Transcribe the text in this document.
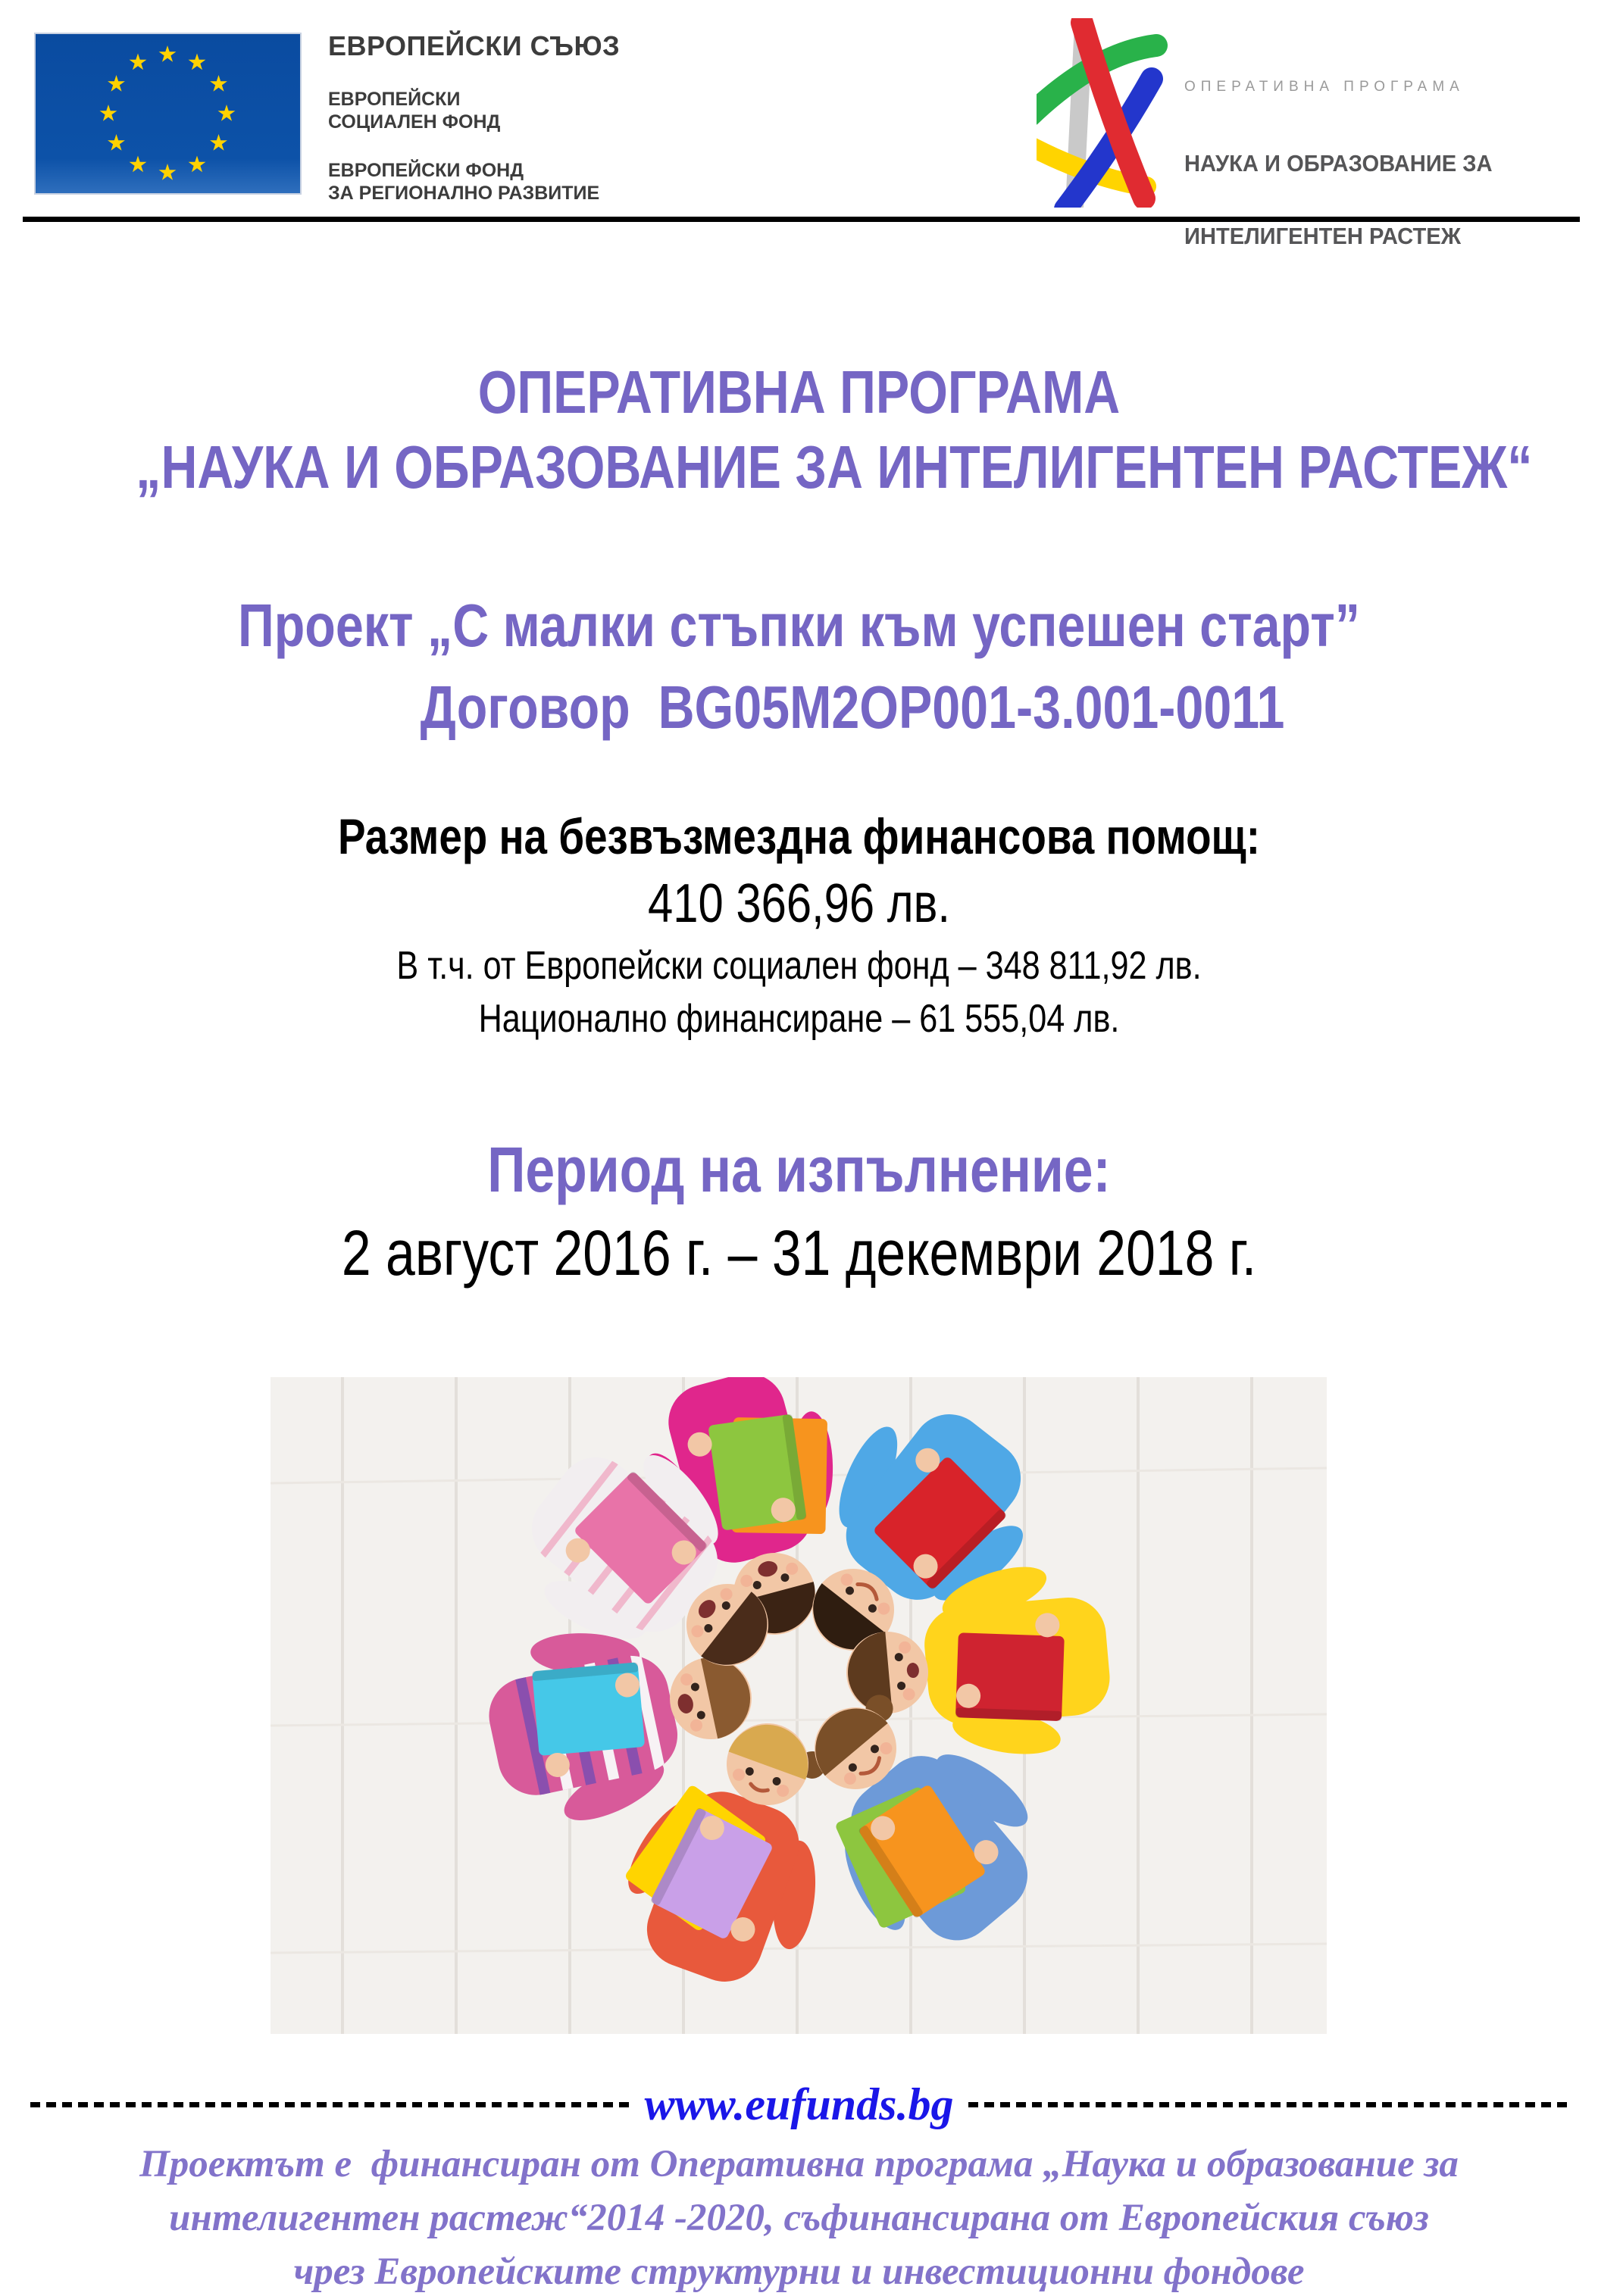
ЕВРОПЕЙСКИ СЪЮЗ
ЕВРОПЕЙСКИ
СОЦИАЛЕН ФОНД
ЕВРОПЕЙСКИ ФОНД
ЗА РЕГИОНАЛНО РАЗВИТИЕ
ОПЕРАТИВНА ПРОГРАМА

НАУКА И ОБРАЗОВАНИЕ ЗА

ИНТЕЛИГЕНТЕН РАСТЕЖ

ОПЕРАТИВНА ПРОГРАМА
„НАУКА И ОБРАЗОВАНИЕ ЗА ИНТЕЛИГЕНТЕН РАСТЕЖ“
Проект „С малки стъпки към успешен старт”
Договор  BG05M2OP001-3.001-0011
Размер на безвъзмездна финансова помощ:
410 366,96 лв.
В т.ч. от Европейски социален фонд – 348 811,92 лв.
Национално финансиране – 61 555,04 лв.
Период на изпълнение:
2 август 2016 г. – 31 декември 2018 г.
www.eufunds.bg
Проектът е  финансиран от Оперативна програма „Наука и образование за
интелигентен растеж“2014 -2020, съфинансирана от Европейския съюз
чрез Европейските структурни и инвестиционни фондове
